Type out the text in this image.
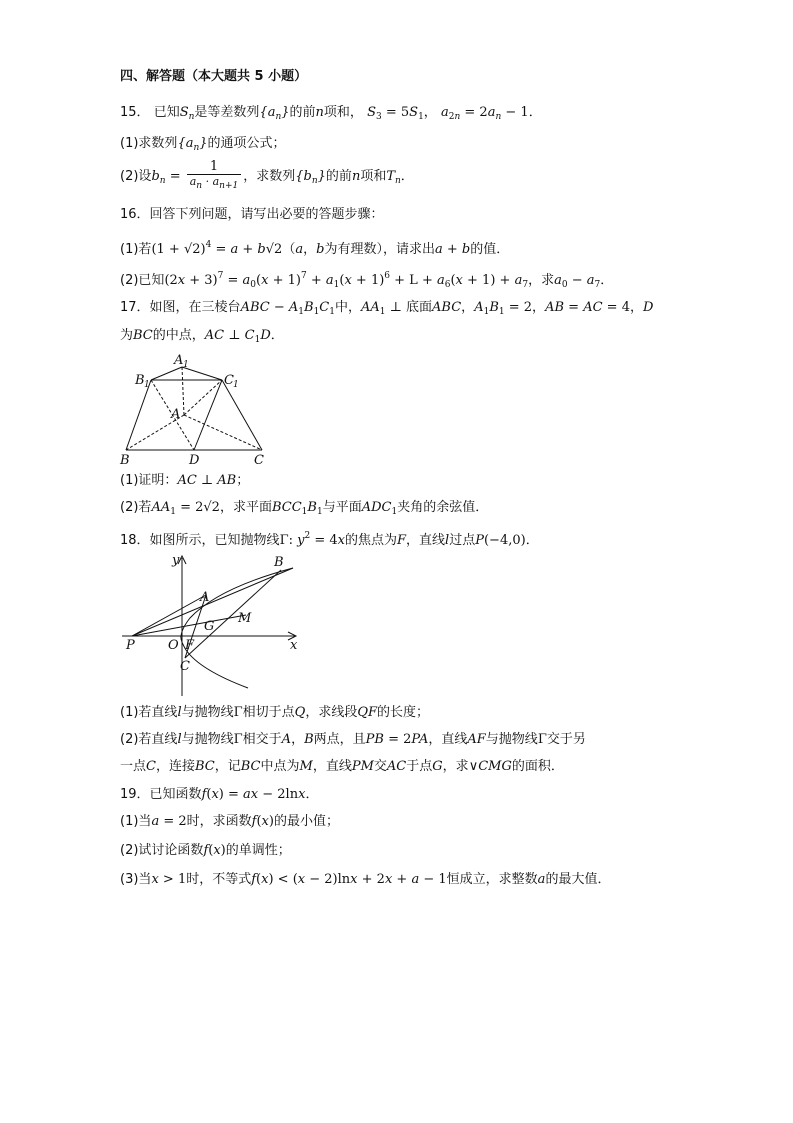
四、解答题（本大题共 5 小题）
15． 已知$S_n$是等差数列$\{a_n\}$的前n项和， $S_3 = 5S_1$， $a_{2n} = 2a_n - 1$．
(1)求数列$\{a_n\}$的通项公式；
(2)设$b_n = \frac{1}{a_n \cdot a_{n+1}}$ ，求数列$\{b_n\}$的前n项和$T_n$．
16．回答下列问题，请写出必要的答题步骤：
(1)若$(1 + √2)^4 = a + b√2(a$，b为有理数），请求出a + b的值．
(2)已知$(2x + 3)^7 = a_0(x + 1)^7 + a_1(x + 1)^6 + L + a_6(x + 1) + a_7$，求$a_0 - a_7$．
17．如图，在三棱台ABC − $A_1B_1C_1$中，$AA_1$ ⊥ 底面ABC，$A_1B_1 = 2$，AB = AC = 4，D
为BC的中点，AC ⊥ $C_1D$．
A 1
B 1	C 1
A
B	D	C
(1)证明：AC ⊥ AB；
(2)若$AA_1 = 2√2$，求平面$BCC_1B_1$与平面$ADC_1$夹角的余弦值．
18．如图所示，已知抛物线Γ: $y^2 = 4x$的焦点为F，直线l过点P(−4,0)．
y
x
B
A
M
G
P	O F
C
(1)若直线l与抛物线Γ相切于点Q，求线段QF的长度；
(2)若直线l与抛物线Γ相交于A，B两点，且PB = 2PA，直线AF与抛物线Γ交于另
一点C，连接BC，记BC中点为M，直线PM交AC于点G，求∨CMG的面积．
19．已知函数f(x) = ax − 2lnx．
(1)当a = 2时，求函数f(x)的最小值；
(2)试讨论函数f(x)的单调性；
(3)当x > 1时，不等式f(x) < (x − 2)lnx + 2x + a − 1恒成立，求整数a的最大值．
